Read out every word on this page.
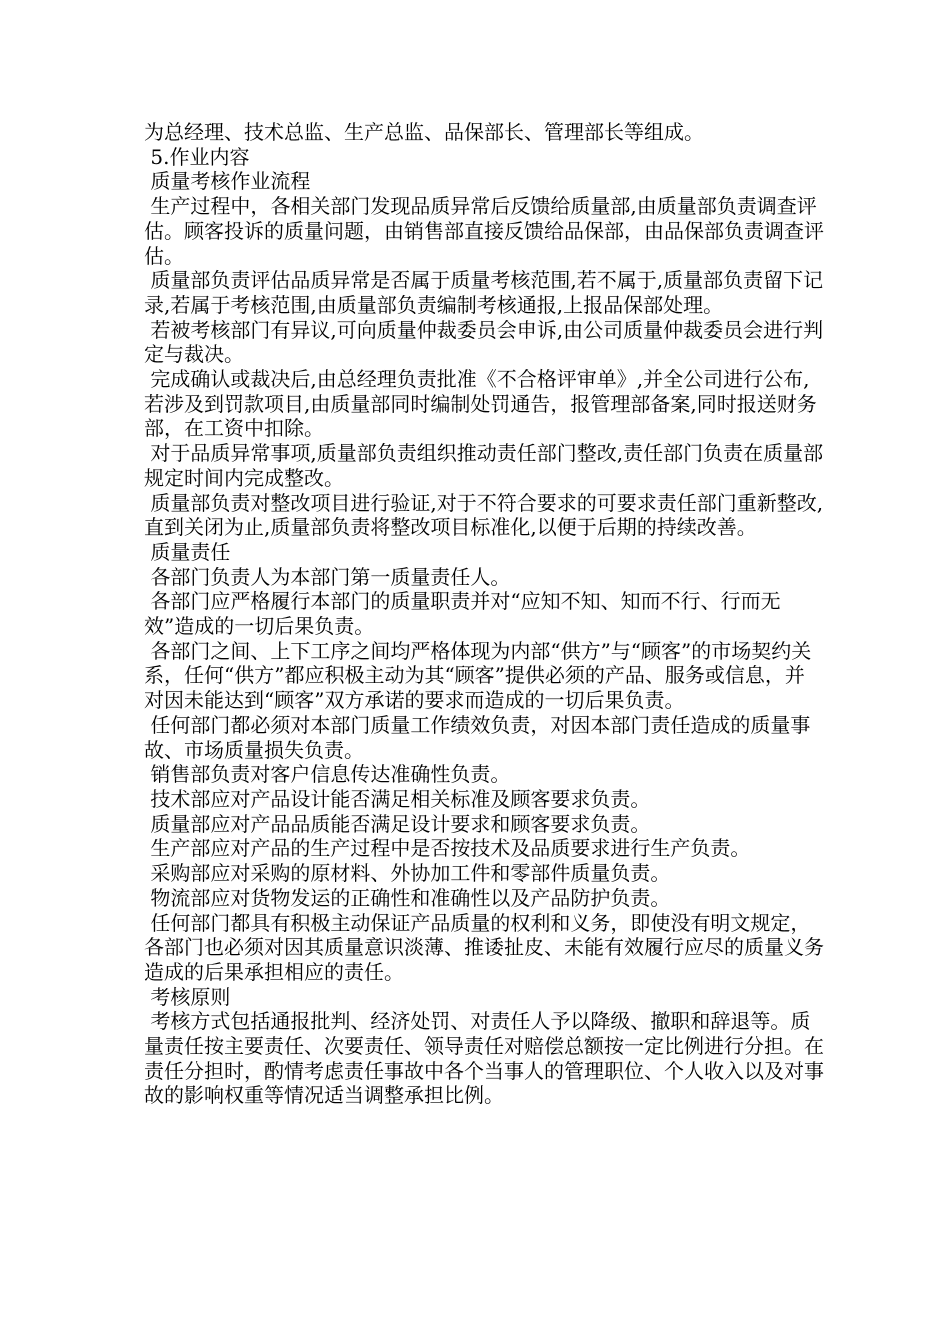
为总经理、技术总监、生产总监、品保部长、管理部长等组成。

5.作业内容

质量考核作业流程

生产过程中，各相关部门发现品质异常后反馈给质量部,由质量部负责调查评估。顾客投诉的质量问题，由销售部直接反馈给品保部，由品保部负责调查评估。

质量部负责评估品质异常是否属于质量考核范围,若不属于,质量部负责留下记录,若属于考核范围,由质量部负责编制考核通报,上报品保部处理。

若被考核部门有异议,可向质量仲裁委员会申诉,由公司质量仲裁委员会进行判定与裁决。

完成确认或裁决后,由总经理负责批准《不合格评审单》,并全公司进行公布,若涉及到罚款项目,由质量部同时编制处罚通告，报管理部备案,同时报送财务部，在工资中扣除。

对于品质异常事项,质量部负责组织推动责任部门整改,责任部门负责在质量部规定时间内完成整改。

质量部负责对整改项目进行验证,对于不符合要求的可要求责任部门重新整改,直到关闭为止,质量部负责将整改项目标准化,以便于后期的持续改善。

质量责任

各部门负责人为本部门第一质量责任人。

各部门应严格履行本部门的质量职责并对“应知不知、知而不行、行而无效”造成的一切后果负责。

各部门之间、上下工序之间均严格体现为内部“供方”与“顾客”的市场契约关系，任何“供方”都应积极主动为其“顾客”提供必须的产品、服务或信息，并对因未能达到“顾客”双方承诺的要求而造成的一切后果负责。

任何部门都必须对本部门质量工作绩效负责，对因本部门责任造成的质量事故、市场质量损失负责。

销售部负责对客户信息传达准确性负责。

技术部应对产品设计能否满足相关标准及顾客要求负责。

质量部应对产品品质能否满足设计要求和顾客要求负责。

生产部应对产品的生产过程中是否按技术及品质要求进行生产负责。

采购部应对采购的原材料、外协加工件和零部件质量负责。

物流部应对货物发运的正确性和准确性以及产品防护负责。

任何部门都具有积极主动保证产品质量的权利和义务，即使没有明文规定，各部门也必须对因其质量意识淡薄、推诿扯皮、未能有效履行应尽的质量义务造成的后果承担相应的责任。

考核原则

考核方式包括通报批判、经济处罚、对责任人予以降级、撤职和辞退等。质量责任按主要责任、次要责任、领导责任对赔偿总额按一定比例进行分担。在责任分担时，酌情考虑责任事故中各个当事人的管理职位、个人收入以及对事故的影响权重等情况适当调整承担比例。
